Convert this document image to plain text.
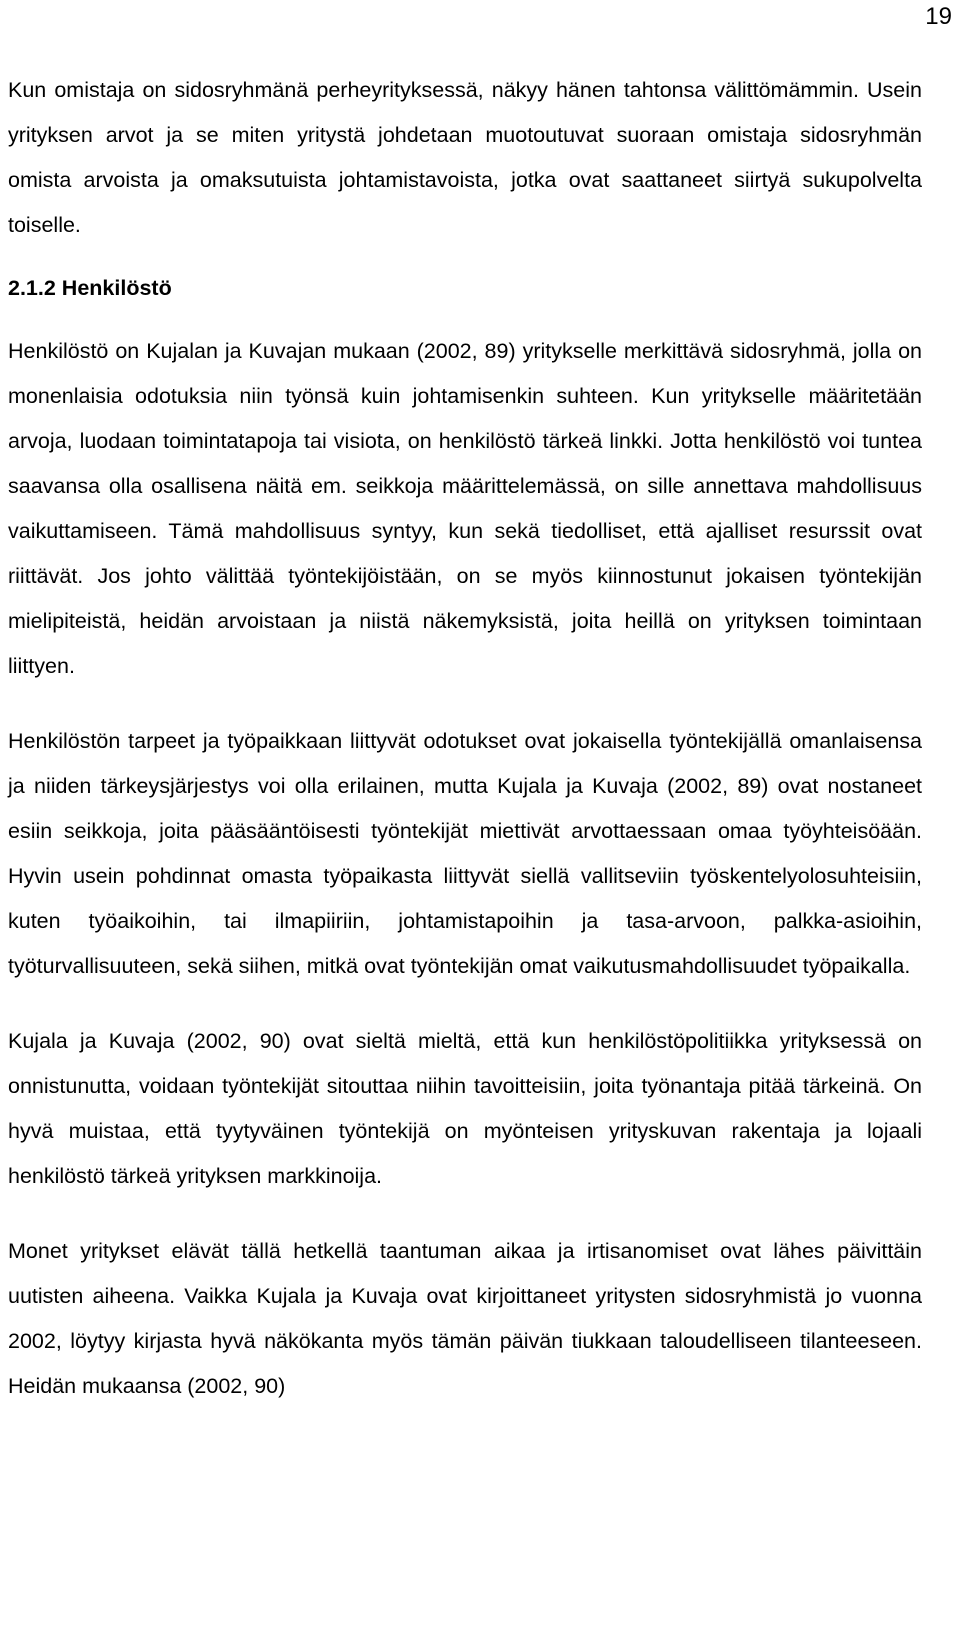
19

Kun omistaja on sidosryhmänä perheyrityksessä, näkyy hänen tahtonsa välittömämmin. Usein yrityksen arvot ja se miten yritystä johdetaan muotoutuvat suoraan omistaja sidosryhmän omista arvoista ja omaksutuista johtamistavoista, jotka ovat saattaneet siirtyä sukupolvelta toiselle.

2.1.2 Henkilöstö

Henkilöstö on Kujalan ja Kuvajan mukaan (2002, 89) yritykselle merkittävä sidosryhmä, jolla on monenlaisia odotuksia niin työnsä kuin johtamisenkin suhteen. Kun yritykselle määritetään arvoja, luodaan toimintatapoja tai visiota, on henkilöstö tärkeä linkki. Jotta henkilöstö voi tuntea saavansa olla osallisena näitä em. seikkoja määrittelemässä, on sille annettava mahdollisuus vaikuttamiseen. Tämä mahdollisuus syntyy, kun sekä tiedolliset, että ajalliset resurssit ovat riittävät. Jos johto välittää työntekijöistään, on se myös kiinnostunut jokaisen työntekijän mielipiteistä, heidän arvoistaan ja niistä näkemyksistä, joita heillä on yrityksen toimintaan liittyen.

Henkilöstön tarpeet ja työpaikkaan liittyvät odotukset ovat jokaisella työntekijällä omanlaisensa ja niiden tärkeysjärjestys voi olla erilainen, mutta Kujala ja Kuvaja (2002, 89) ovat nostaneet esiin seikkoja, joita pääsääntöisesti työntekijät miettivät arvottaessaan omaa työyhteisöään. Hyvin usein pohdinnat omasta työpaikasta liittyvät siellä vallitseviin työskentelyolosuhteisiin, kuten työaikoihin, tai ilmapiiriin, johtamistapoihin ja tasa-arvoon, palkka-asioihin, työturvallisuuteen, sekä siihen, mitkä ovat työntekijän omat vaikutusmahdollisuudet työpaikalla.

Kujala ja Kuvaja (2002, 90) ovat sieltä mieltä, että kun henkilöstöpolitiikka yrityksessä on onnistunutta, voidaan työntekijät sitouttaa niihin tavoitteisiin, joita työnantaja pitää tärkeinä. On hyvä muistaa, että tyytyväinen työntekijä on myönteisen yrityskuvan rakentaja ja lojaali henkilöstö tärkeä yrityksen markkinoija.

Monet yritykset elävät tällä hetkellä taantuman aikaa ja irtisanomiset ovat lähes päivittäin uutisten aiheena. Vaikka Kujala ja Kuvaja ovat kirjoittaneet yritysten sidosryhmistä jo vuonna 2002, löytyy kirjasta hyvä näkökanta myös tämän päivän tiukkaan taloudelliseen tilanteeseen. Heidän mukaansa (2002, 90)
